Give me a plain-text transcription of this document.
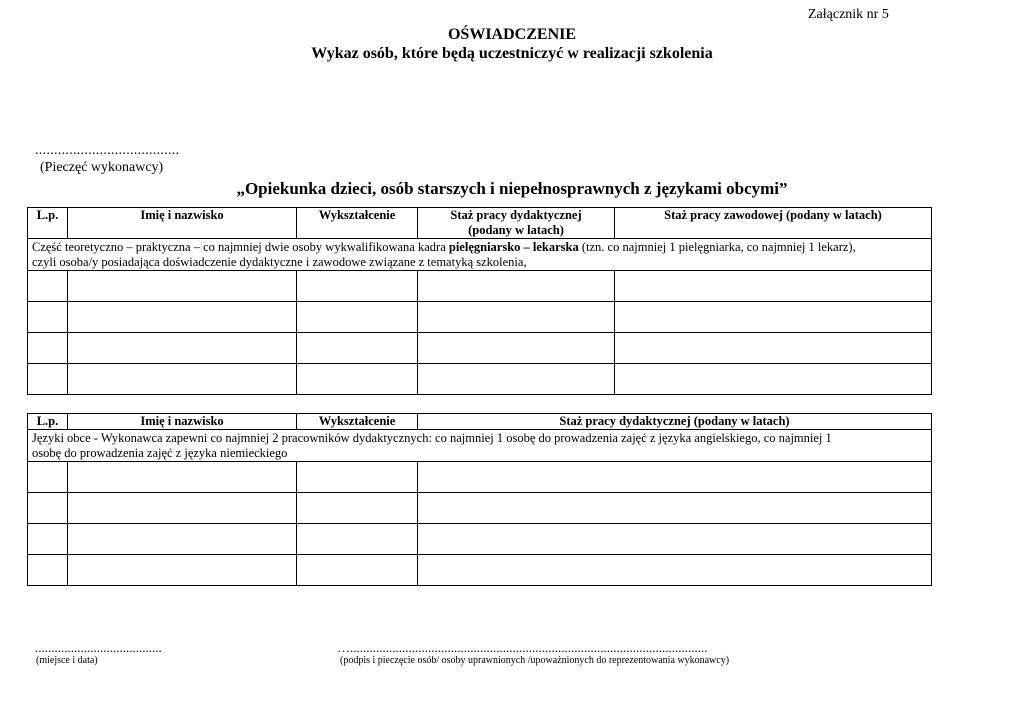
Załącznik nr 5
OŚWIADCZENIE
Wykaz osób, które będą uczestniczyć w realizacji szkolenia
......................................
(Pieczęć wykonawcy)
„Opiekunka dzieci, osób starszych i niepełnosprawnych z językami obcymi”
L.p.	Imię i nazwisko	Wykształcenie	Staż pracy dydaktycznej
(podany w latach)	Staż pracy zawodowej (podany w latach)
Część teoretyczno – praktyczna – co najmniej dwie osoby wykwalifikowana kadra pielęgniarsko – lekarska (tzn. co najmniej 1 pielęgniarka, co najmniej 1 lekarz),
czyli osoba/y posiadająca doświadczenie dydaktyczne i zawodowe związane z tematyką szkolenia,				

L.p.	Imię i nazwisko	Wykształcenie	Staż pracy dydaktycznej (podany w latach)
Języki obce - Wykonawca zapewni co najmniej 2 pracowników dydaktycznych: co najmniej 1 osobę do prowadzenia zajęć z języka angielskiego, co najmniej 1
osobę do prowadzenia zajęć z języka niemieckiego			

.......................................
(miejsce i data)
…..............................................................................................................
(podpis i pieczęcie osób/ osoby uprawnionych /upoważnionych do reprezentowania wykonawcy)
